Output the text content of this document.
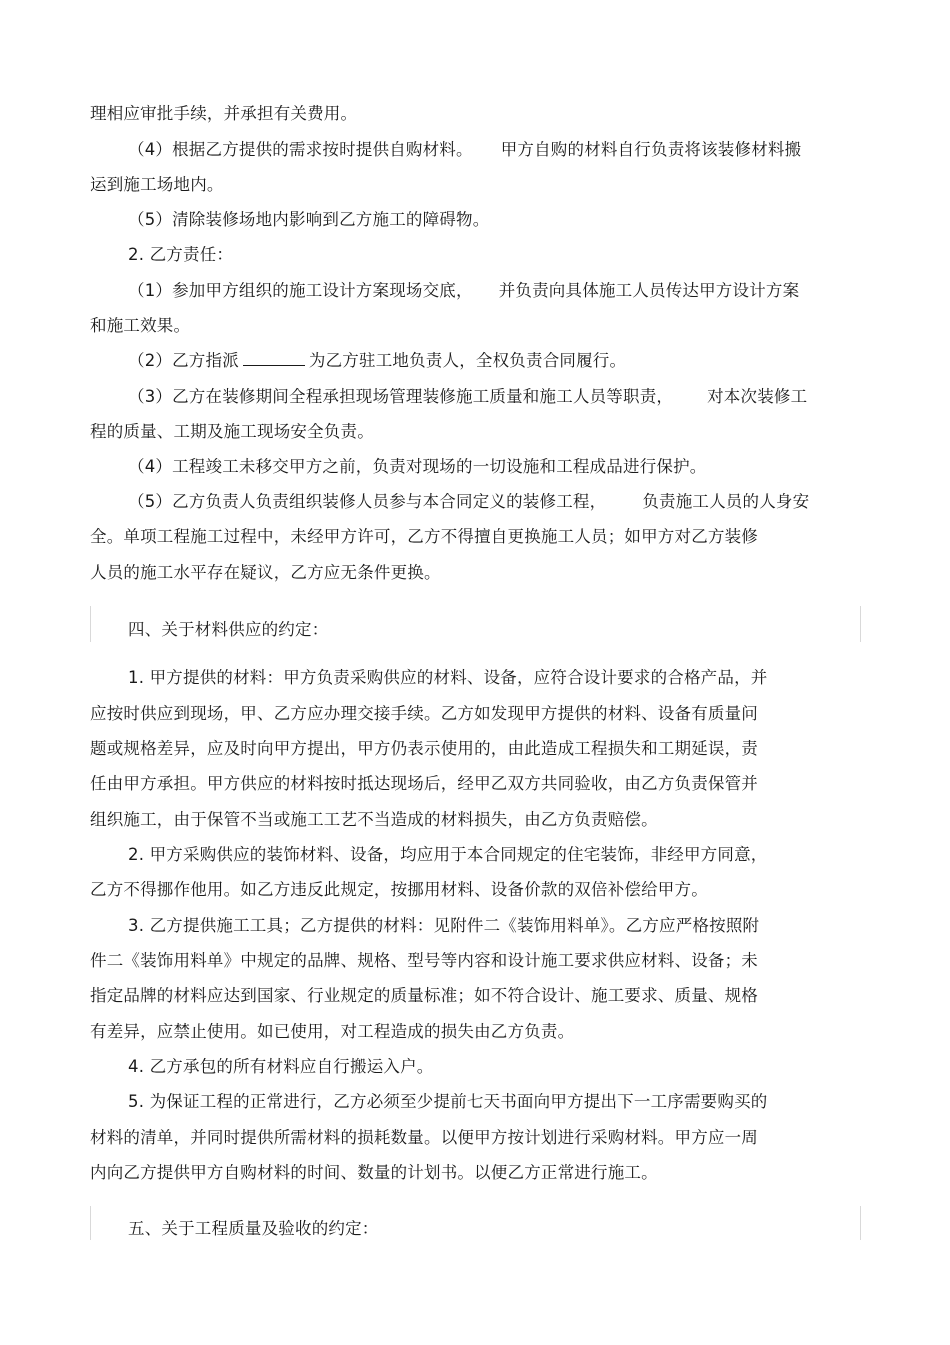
理相应审批手续，并承担有关费用。
（4）根据乙方提供的需求按时提供自购材料。 甲方自购的材料自行负责将该装修材料搬
运到施工场地内。
（5）清除装修场地内影响到乙方施工的障碍物。
2. 乙方责任：
（1）参加甲方组织的施工设计方案现场交底， 并负责向具体施工人员传达甲方设计方案
和施工效果。
（2）乙方指派	为乙方驻工地负责人，全权负责合同履行。
（3）乙方在装修期间全程承担现场管理装修施工质量和施工人员等职责， 对本次装修工
程的质量、工期及施工现场安全负责。
（4）工程竣工未移交甲方之前，负责对现场的一切设施和工程成品进行保护。
（5）乙方负责人负责组织装修人员参与本合同定义的装修工程， 负责施工人员的人身安
全。单项工程施工过程中，未经甲方许可，乙方不得擅自更换施工人员；如甲方对乙方装修
人员的施工水平存在疑议，乙方应无条件更换。
四、关于材料供应的约定：
1. 甲方提供的材料：甲方负责采购供应的材料、设备，应符合设计要求的合格产品，并
应按时供应到现场，甲、乙方应办理交接手续。乙方如发现甲方提供的材料、设备有质量问
题或规格差异，应及时向甲方提出，甲方仍表示使用的，由此造成工程损失和工期延误，责
任由甲方承担。甲方供应的材料按时抵达现场后，经甲乙双方共同验收，由乙方负责保管并
组织施工，由于保管不当或施工工艺不当造成的材料损失，由乙方负责赔偿。
2. 甲方采购供应的装饰材料、设备，均应用于本合同规定的住宅装饰，非经甲方同意，
乙方不得挪作他用。如乙方违反此规定，按挪用材料、设备价款的双倍补偿给甲方。
3. 乙方提供施工工具；乙方提供的材料：见附件二《装饰用料单》。乙方应严格按照附
件二《装饰用料单》中规定的品牌、规格、型号等内容和设计施工要求供应材料、设备；未
指定品牌的材料应达到国家、行业规定的质量标准；如不符合设计、施工要求、质量、规格
有差异，应禁止使用。如已使用，对工程造成的损失由乙方负责。
4. 乙方承包的所有材料应自行搬运入户。
5. 为保证工程的正常进行，乙方必须至少提前七天书面向甲方提出下一工序需要购买的
材料的清单，并同时提供所需材料的损耗数量。以便甲方按计划进行采购材料。甲方应一周
内向乙方提供甲方自购材料的时间、数量的计划书。以便乙方正常进行施工。
五、关于工程质量及验收的约定：
